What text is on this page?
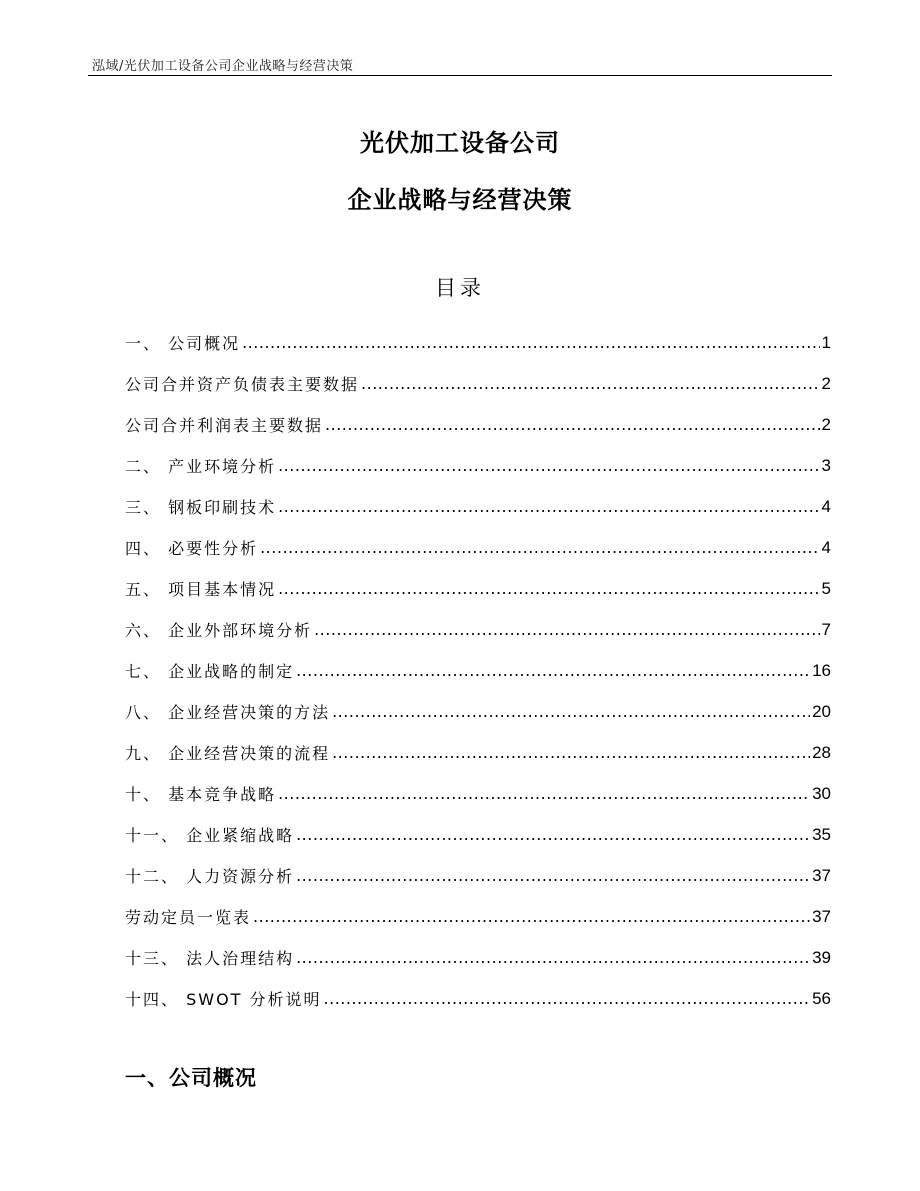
泓域/光伏加工设备公司企业战略与经营决策
光伏加工设备公司
企业战略与经营决策
目录
一、 公司概况 .....	1
公司合并资产负债表主要数据 .....	2
公司合并利润表主要数据 .....	2
二、 产业环境分析 .....	3
三、 钢板印刷技术 .....	4
四、 必要性分析 .....	4
五、 项目基本情况 .....	5
六、 企业外部环境分析 .....	7
七、 企业战略的制定 .....	16
八、 企业经营决策的方法 .....	20
九、 企业经营决策的流程 .....	28
十、 基本竞争战略 .....	30
十一、 企业紧缩战略 .....	35
十二、 人力资源分析 .....	37
劳动定员一览表 .....	37
十三、 法人治理结构 .....	39
十四、 SWOT 分析说明 .....	56
一、公司概况
